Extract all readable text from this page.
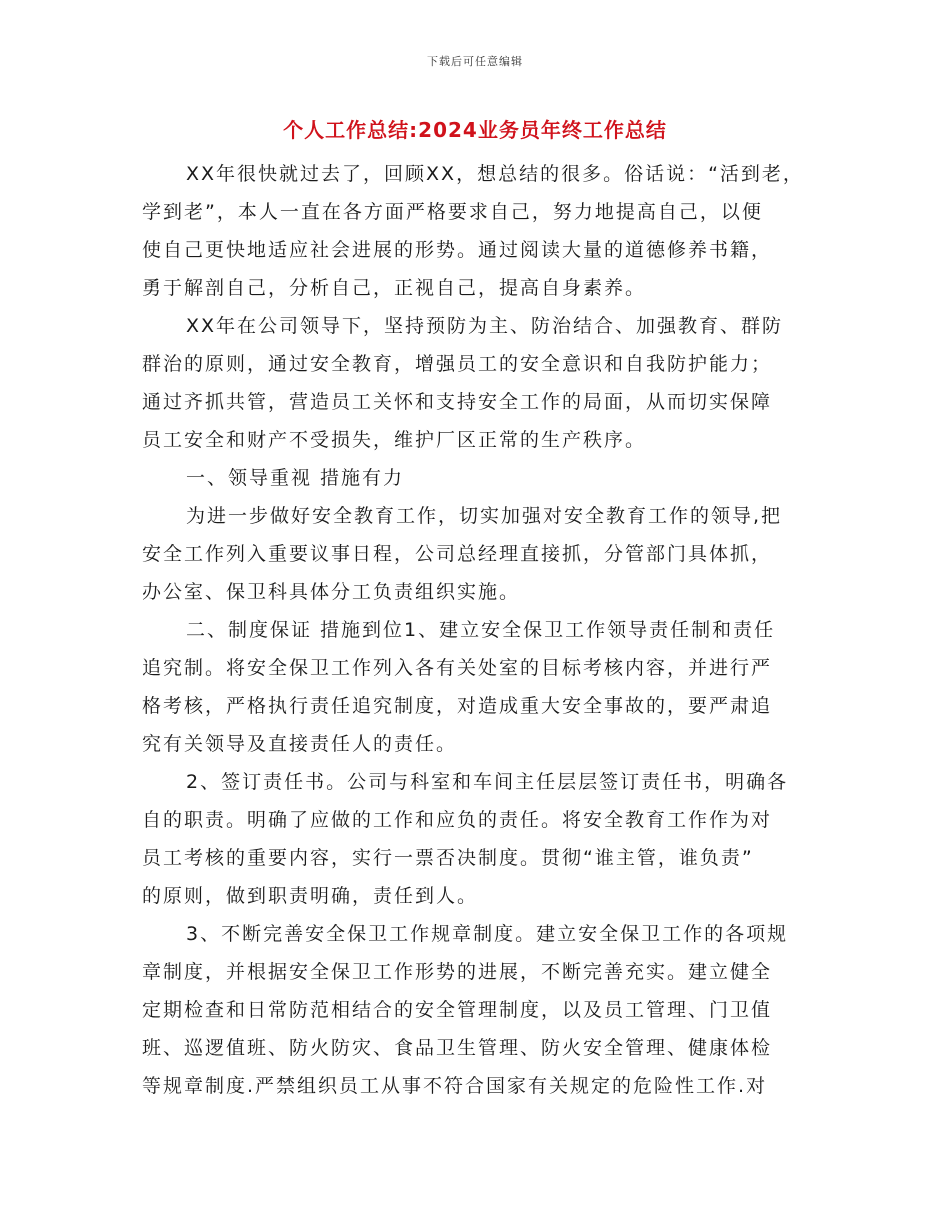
下载后可任意编辑
个人工作总结:2024业务员年终工作总结
XX年很快就过去了，回顾XX，想总结的很多。俗话说：“活到老，
学到老”，本人一直在各方面严格要求自己，努力地提高自己，以便
使自己更快地适应社会进展的形势。通过阅读大量的道德修养书籍，
勇于解剖自己，分析自己，正视自己，提高自身素养。
XX年在公司领导下，坚持预防为主、防治结合、加强教育、群防
群治的原则，通过安全教育，增强员工的安全意识和自我防护能力；
通过齐抓共管，营造员工关怀和支持安全工作的局面，从而切实保障
员工安全和财产不受损失，维护厂区正常的生产秩序。
一、领导重视 措施有力
为进一步做好安全教育工作，切实加强对安全教育工作的领导,把
安全工作列入重要议事日程，公司总经理直接抓，分管部门具体抓，
办公室、保卫科具体分工负责组织实施。
二、制度保证 措施到位1、建立安全保卫工作领导责任制和责任
追究制。将安全保卫工作列入各有关处室的目标考核内容，并进行严
格考核，严格执行责任追究制度，对造成重大安全事故的，要严肃追
究有关领导及直接责任人的责任。
2、签订责任书。公司与科室和车间主任层层签订责任书，明确各
自的职责。明确了应做的工作和应负的责任。将安全教育工作作为对
员工考核的重要内容，实行一票否决制度。贯彻“谁主管，谁负责”
的原则，做到职责明确，责任到人。
3、不断完善安全保卫工作规章制度。建立安全保卫工作的各项规
章制度，并根据安全保卫工作形势的进展，不断完善充实。建立健全
定期检查和日常防范相结合的安全管理制度，以及员工管理、门卫值
班、巡逻值班、防火防灾、食品卫生管理、防火安全管理、健康体检
等规章制度.严禁组织员工从事不符合国家有关规定的危险性工作.对
